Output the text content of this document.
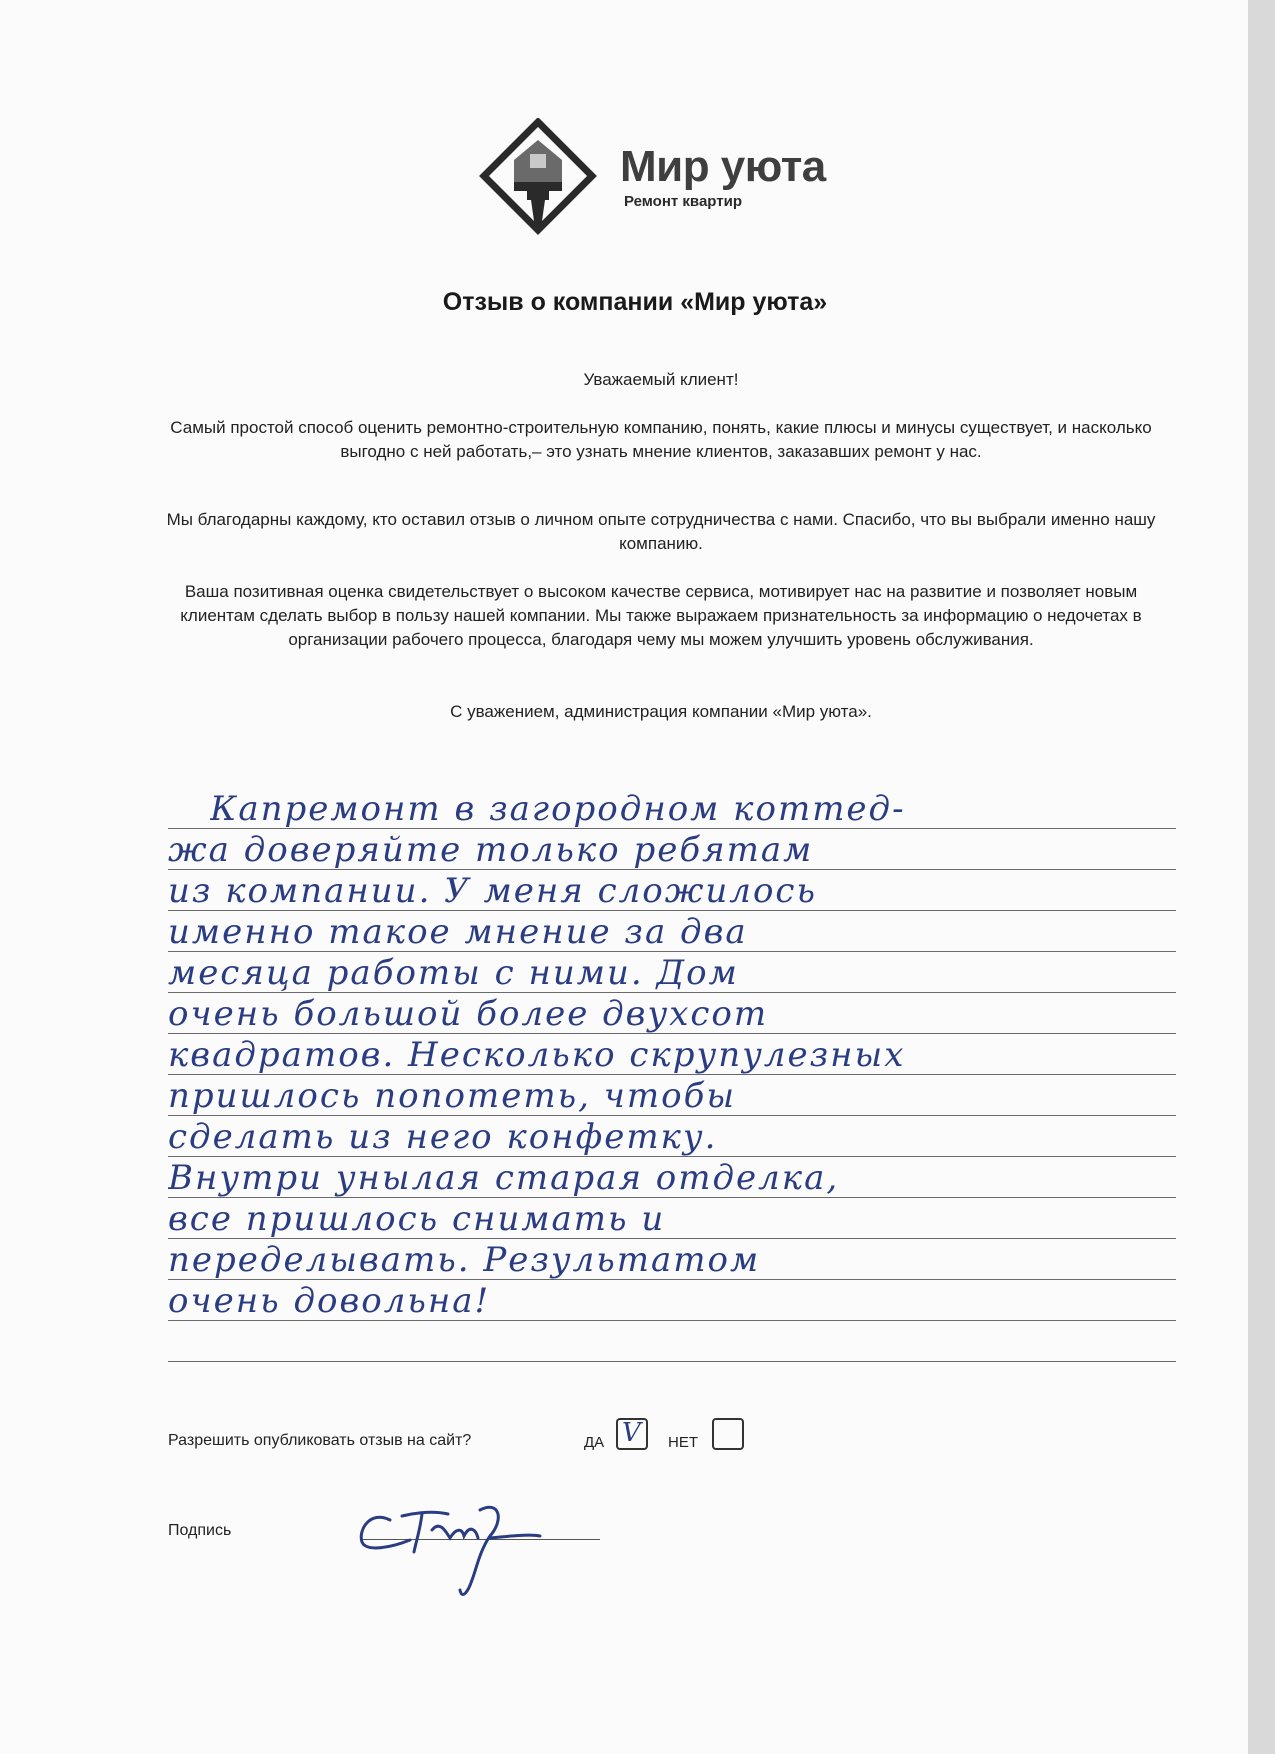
Мир уюта
Ремонт квартир
Отзыв о компании «Мир уюта»
Уважаемый клиент!
Самый простой способ оценить ремонтно-строительную компанию, понять, какие плюсы и минусы существует, и насколько выгодно с ней работать,– это узнать мнение клиентов, заказавших ремонт у нас.
Мы благодарны каждому, кто оставил отзыв о личном опыте сотрудничества с нами. Спасибо, что вы выбрали именно нашу компанию.
Ваша позитивная оценка свидетельствует о высоком качестве сервиса, мотивирует нас на развитие и позволяет новым клиентам сделать выбор в пользу нашей компании. Мы также выражаем признательность за информацию о недочетах в организации рабочего процесса, благодаря чему мы можем улучшить уровень обслуживания.
С уважением, администрация компании «Мир уюта».
Капремонт в загородном коттед-
жа доверяйте только ребятам
из компании. У меня сложилось
именно такое мнение за два
месяца работы с ними. Дом
очень большой более двухсот
квадратов. Несколько скрупулезных
пришлось попотеть, чтобы
сделать из него конфетку.
Внутри унылая старая отделка,
все пришлось снимать и
переделывать. Результатом
очень довольна!
Разрешить опубликовать отзыв на сайт?	ДА V НЕТ
Подпись
